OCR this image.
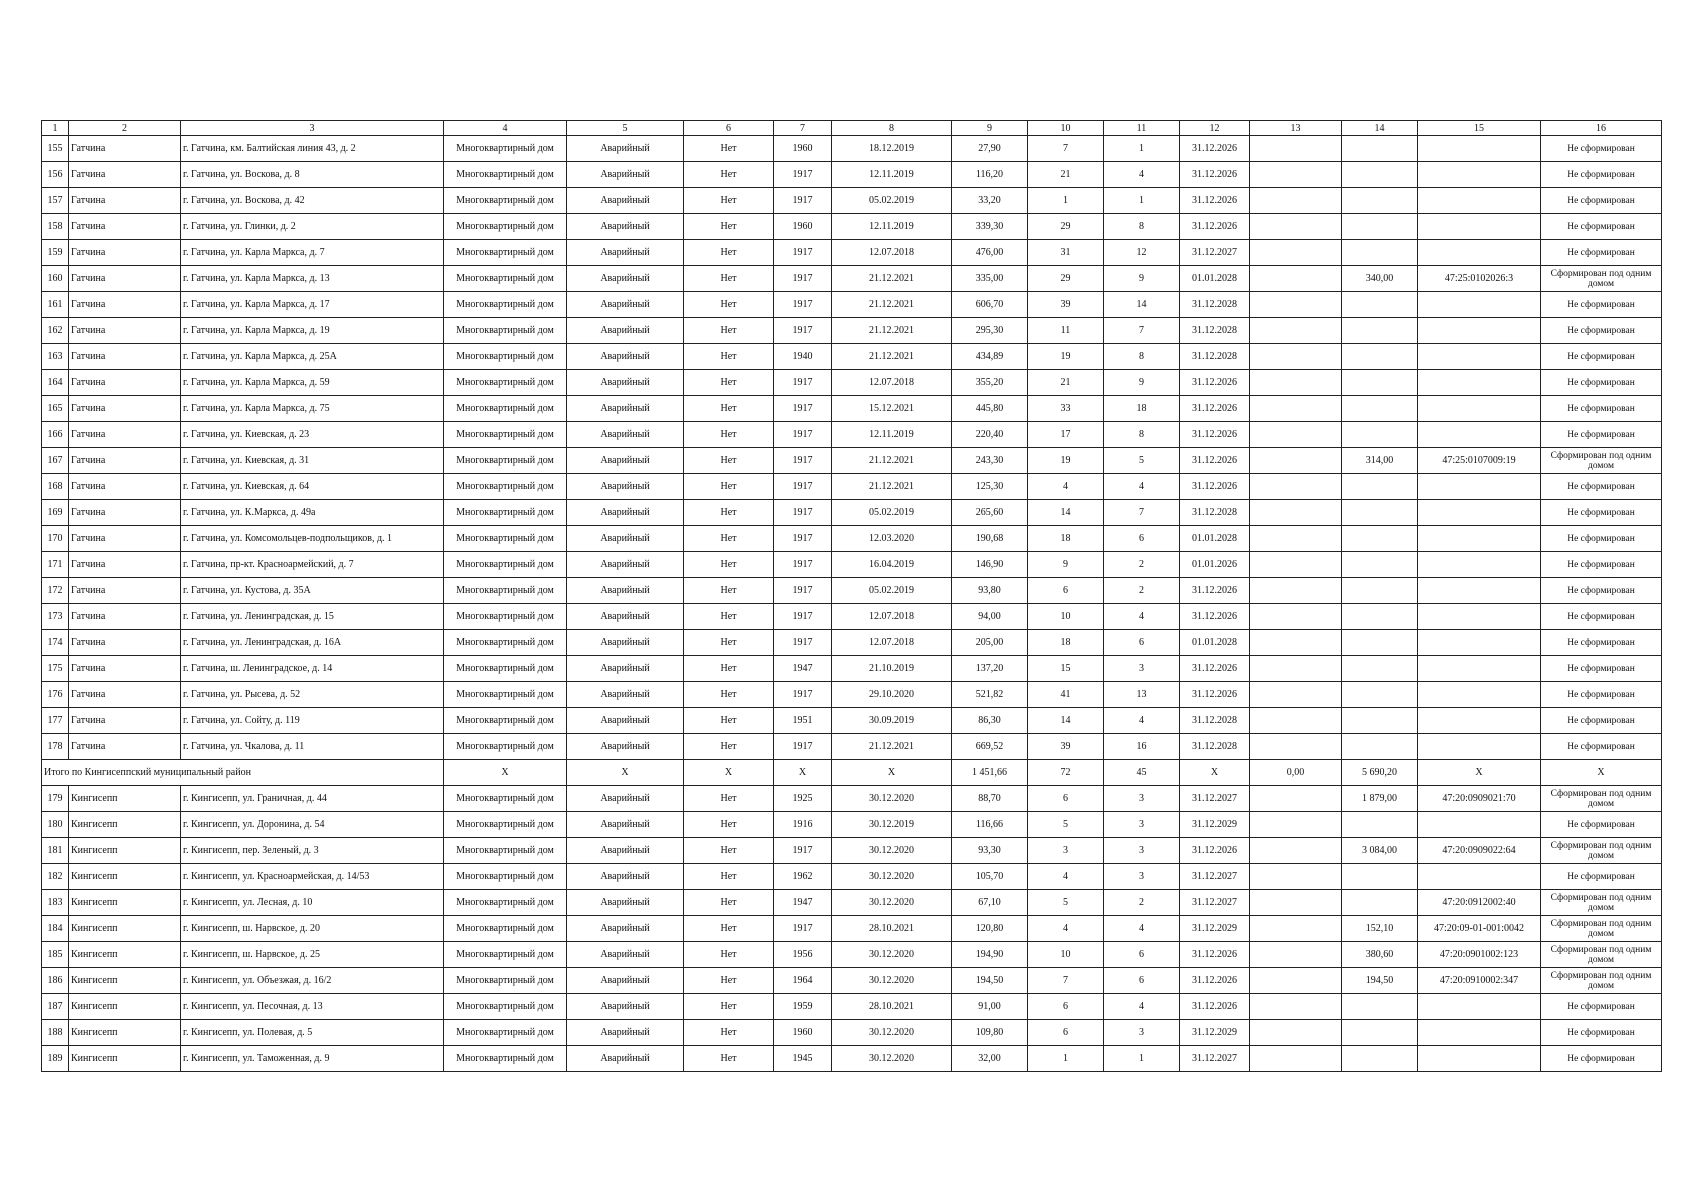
1	2	3	4	5	6	7	8	9	10	11	12	13	14	15	16
155	Гатчина	г. Гатчина, км. Балтийская линия 43, д. 2	Многоквартирный дом	Аварийный	Нет	1960	18.12.2019	27,90	7	1	31.12.2026				Не сформирован
156	Гатчина	г. Гатчина, ул. Воскова, д. 8	Многоквартирный дом	Аварийный	Нет	1917	12.11.2019	116,20	21	4	31.12.2026				Не сформирован
157	Гатчина	г. Гатчина, ул. Воскова, д. 42	Многоквартирный дом	Аварийный	Нет	1917	05.02.2019	33,20	1	1	31.12.2026				Не сформирован
158	Гатчина	г. Гатчина, ул. Глинки, д. 2	Многоквартирный дом	Аварийный	Нет	1960	12.11.2019	339,30	29	8	31.12.2026				Не сформирован
159	Гатчина	г. Гатчина, ул. Карла Маркса, д. 7	Многоквартирный дом	Аварийный	Нет	1917	12.07.2018	476,00	31	12	31.12.2027				Не сформирован
160	Гатчина	г. Гатчина, ул. Карла Маркса, д. 13	Многоквартирный дом	Аварийный	Нет	1917	21.12.2021	335,00	29	9	01.01.2028		340,00	47:25:0102026:3	Сформирован под одним домом
161	Гатчина	г. Гатчина, ул. Карла Маркса, д. 17	Многоквартирный дом	Аварийный	Нет	1917	21.12.2021	606,70	39	14	31.12.2028				Не сформирован
162	Гатчина	г. Гатчина, ул. Карла Маркса, д. 19	Многоквартирный дом	Аварийный	Нет	1917	21.12.2021	295,30	11	7	31.12.2028				Не сформирован
163	Гатчина	г. Гатчина, ул. Карла Маркса, д. 25А	Многоквартирный дом	Аварийный	Нет	1940	21.12.2021	434,89	19	8	31.12.2028				Не сформирован
164	Гатчина	г. Гатчина, ул. Карла Маркса, д. 59	Многоквартирный дом	Аварийный	Нет	1917	12.07.2018	355,20	21	9	31.12.2026				Не сформирован
165	Гатчина	г. Гатчина, ул. Карла Маркса, д. 75	Многоквартирный дом	Аварийный	Нет	1917	15.12.2021	445,80	33	18	31.12.2026				Не сформирован
166	Гатчина	г. Гатчина, ул. Киевская, д. 23	Многоквартирный дом	Аварийный	Нет	1917	12.11.2019	220,40	17	8	31.12.2026				Не сформирован
167	Гатчина	г. Гатчина, ул. Киевская, д. 31	Многоквартирный дом	Аварийный	Нет	1917	21.12.2021	243,30	19	5	31.12.2026		314,00	47:25:0107009:19	Сформирован под одним домом
168	Гатчина	г. Гатчина, ул. Киевская, д. 64	Многоквартирный дом	Аварийный	Нет	1917	21.12.2021	125,30	4	4	31.12.2026				Не сформирован
169	Гатчина	г. Гатчина, ул. К.Маркса, д. 49а	Многоквартирный дом	Аварийный	Нет	1917	05.02.2019	265,60	14	7	31.12.2028				Не сформирован
170	Гатчина	г. Гатчина, ул. Комсомольцев-подпольщиков, д. 1	Многоквартирный дом	Аварийный	Нет	1917	12.03.2020	190,68	18	6	01.01.2028				Не сформирован
171	Гатчина	г. Гатчина, пр-кт. Красноармейский, д. 7	Многоквартирный дом	Аварийный	Нет	1917	16.04.2019	146,90	9	2	01.01.2026				Не сформирован
172	Гатчина	г. Гатчина, ул. Кустова, д. 35А	Многоквартирный дом	Аварийный	Нет	1917	05.02.2019	93,80	6	2	31.12.2026				Не сформирован
173	Гатчина	г. Гатчина, ул. Ленинградская, д. 15	Многоквартирный дом	Аварийный	Нет	1917	12.07.2018	94,00	10	4	31.12.2026				Не сформирован
174	Гатчина	г. Гатчина, ул. Ленинградская, д. 16А	Многоквартирный дом	Аварийный	Нет	1917	12.07.2018	205,00	18	6	01.01.2028				Не сформирован
175	Гатчина	г. Гатчина, ш. Ленинградское, д. 14	Многоквартирный дом	Аварийный	Нет	1947	21.10.2019	137,20	15	3	31.12.2026				Не сформирован
176	Гатчина	г. Гатчина, ул. Рысева, д. 52	Многоквартирный дом	Аварийный	Нет	1917	29.10.2020	521,82	41	13	31.12.2026				Не сформирован
177	Гатчина	г. Гатчина, ул. Сойту, д. 119	Многоквартирный дом	Аварийный	Нет	1951	30.09.2019	86,30	14	4	31.12.2028				Не сформирован
178	Гатчина	г. Гатчина, ул. Чкалова, д. 11	Многоквартирный дом	Аварийный	Нет	1917	21.12.2021	669,52	39	16	31.12.2028				Не сформирован
Итого по Кингисеппский муниципальный район			X	X	X	X	X	1 451,66	72	45	X	0,00	5 690,20	X	X
179	Кингисепп	г. Кингисепп, ул. Граничная, д. 44	Многоквартирный дом	Аварийный	Нет	1925	30.12.2020	88,70	6	3	31.12.2027		1 879,00	47:20:0909021:70	Сформирован под одним домом
180	Кингисепп	г. Кингисепп, ул. Доронина, д. 54	Многоквартирный дом	Аварийный	Нет	1916	30.12.2019	116,66	5	3	31.12.2029				Не сформирован
181	Кингисепп	г. Кингисепп, пер. Зеленый, д. 3	Многоквартирный дом	Аварийный	Нет	1917	30.12.2020	93,30	3	3	31.12.2026		3 084,00	47:20:0909022:64	Сформирован под одним домом
182	Кингисепп	г. Кингисепп, ул. Красноармейская, д. 14/53	Многоквартирный дом	Аварийный	Нет	1962	30.12.2020	105,70	4	3	31.12.2027				Не сформирован
183	Кингисепп	г. Кингисепп, ул. Лесная, д. 10	Многоквартирный дом	Аварийный	Нет	1947	30.12.2020	67,10	5	2	31.12.2027			47:20:0912002:40	Сформирован под одним домом
184	Кингисепп	г. Кингисепп, ш. Нарвское, д. 20	Многоквартирный дом	Аварийный	Нет	1917	28.10.2021	120,80	4	4	31.12.2029		152,10	47:20:09-01-001:0042	Сформирован под одним домом
185	Кингисепп	г. Кингисепп, ш. Нарвское, д. 25	Многоквартирный дом	Аварийный	Нет	1956	30.12.2020	194,90	10	6	31.12.2026		380,60	47:20:0901002:123	Сформирован под одним домом
186	Кингисепп	г. Кингисепп, ул. Объезжая, д. 16/2	Многоквартирный дом	Аварийный	Нет	1964	30.12.2020	194,50	7	6	31.12.2026		194,50	47:20:0910002:347	Сформирован под одним домом
187	Кингисепп	г. Кингисепп, ул. Песочная, д. 13	Многоквартирный дом	Аварийный	Нет	1959	28.10.2021	91,00	6	4	31.12.2026				Не сформирован
188	Кингисепп	г. Кингисепп, ул. Полевая, д. 5	Многоквартирный дом	Аварийный	Нет	1960	30.12.2020	109,80	6	3	31.12.2029				Не сформирован
189	Кингисепп	г. Кингисепп, ул. Таможенная, д. 9	Многоквартирный дом	Аварийный	Нет	1945	30.12.2020	32,00	1	1	31.12.2027				Не сформирован
